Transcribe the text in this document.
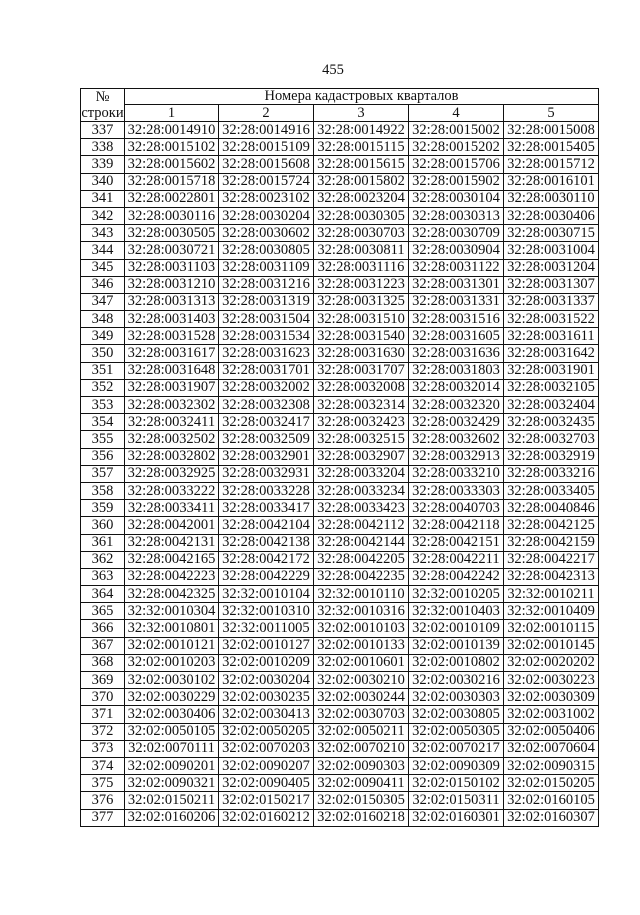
455
№
строки	Номера кадастровых кварталов				
	1	2	3	4	5
337	32:28:0014910	32:28:0014916	32:28:0014922	32:28:0015002	32:28:0015008
338	32:28:0015102	32:28:0015109	32:28:0015115	32:28:0015202	32:28:0015405
339	32:28:0015602	32:28:0015608	32:28:0015615	32:28:0015706	32:28:0015712
340	32:28:0015718	32:28:0015724	32:28:0015802	32:28:0015902	32:28:0016101
341	32:28:0022801	32:28:0023102	32:28:0023204	32:28:0030104	32:28:0030110
342	32:28:0030116	32:28:0030204	32:28:0030305	32:28:0030313	32:28:0030406
343	32:28:0030505	32:28:0030602	32:28:0030703	32:28:0030709	32:28:0030715
344	32:28:0030721	32:28:0030805	32:28:0030811	32:28:0030904	32:28:0031004
345	32:28:0031103	32:28:0031109	32:28:0031116	32:28:0031122	32:28:0031204
346	32:28:0031210	32:28:0031216	32:28:0031223	32:28:0031301	32:28:0031307
347	32:28:0031313	32:28:0031319	32:28:0031325	32:28:0031331	32:28:0031337
348	32:28:0031403	32:28:0031504	32:28:0031510	32:28:0031516	32:28:0031522
349	32:28:0031528	32:28:0031534	32:28:0031540	32:28:0031605	32:28:0031611
350	32:28:0031617	32:28:0031623	32:28:0031630	32:28:0031636	32:28:0031642
351	32:28:0031648	32:28:0031701	32:28:0031707	32:28:0031803	32:28:0031901
352	32:28:0031907	32:28:0032002	32:28:0032008	32:28:0032014	32:28:0032105
353	32:28:0032302	32:28:0032308	32:28:0032314	32:28:0032320	32:28:0032404
354	32:28:0032411	32:28:0032417	32:28:0032423	32:28:0032429	32:28:0032435
355	32:28:0032502	32:28:0032509	32:28:0032515	32:28:0032602	32:28:0032703
356	32:28:0032802	32:28:0032901	32:28:0032907	32:28:0032913	32:28:0032919
357	32:28:0032925	32:28:0032931	32:28:0033204	32:28:0033210	32:28:0033216
358	32:28:0033222	32:28:0033228	32:28:0033234	32:28:0033303	32:28:0033405
359	32:28:0033411	32:28:0033417	32:28:0033423	32:28:0040703	32:28:0040846
360	32:28:0042001	32:28:0042104	32:28:0042112	32:28:0042118	32:28:0042125
361	32:28:0042131	32:28:0042138	32:28:0042144	32:28:0042151	32:28:0042159
362	32:28:0042165	32:28:0042172	32:28:0042205	32:28:0042211	32:28:0042217
363	32:28:0042223	32:28:0042229	32:28:0042235	32:28:0042242	32:28:0042313
364	32:28:0042325	32:32:0010104	32:32:0010110	32:32:0010205	32:32:0010211
365	32:32:0010304	32:32:0010310	32:32:0010316	32:32:0010403	32:32:0010409
366	32:32:0010801	32:32:0011005	32:02:0010103	32:02:0010109	32:02:0010115
367	32:02:0010121	32:02:0010127	32:02:0010133	32:02:0010139	32:02:0010145
368	32:02:0010203	32:02:0010209	32:02:0010601	32:02:0010802	32:02:0020202
369	32:02:0030102	32:02:0030204	32:02:0030210	32:02:0030216	32:02:0030223
370	32:02:0030229	32:02:0030235	32:02:0030244	32:02:0030303	32:02:0030309
371	32:02:0030406	32:02:0030413	32:02:0030703	32:02:0030805	32:02:0031002
372	32:02:0050105	32:02:0050205	32:02:0050211	32:02:0050305	32:02:0050406
373	32:02:0070111	32:02:0070203	32:02:0070210	32:02:0070217	32:02:0070604
374	32:02:0090201	32:02:0090207	32:02:0090303	32:02:0090309	32:02:0090315
375	32:02:0090321	32:02:0090405	32:02:0090411	32:02:0150102	32:02:0150205
376	32:02:0150211	32:02:0150217	32:02:0150305	32:02:0150311	32:02:0160105
377	32:02:0160206	32:02:0160212	32:02:0160218	32:02:0160301	32:02:0160307
